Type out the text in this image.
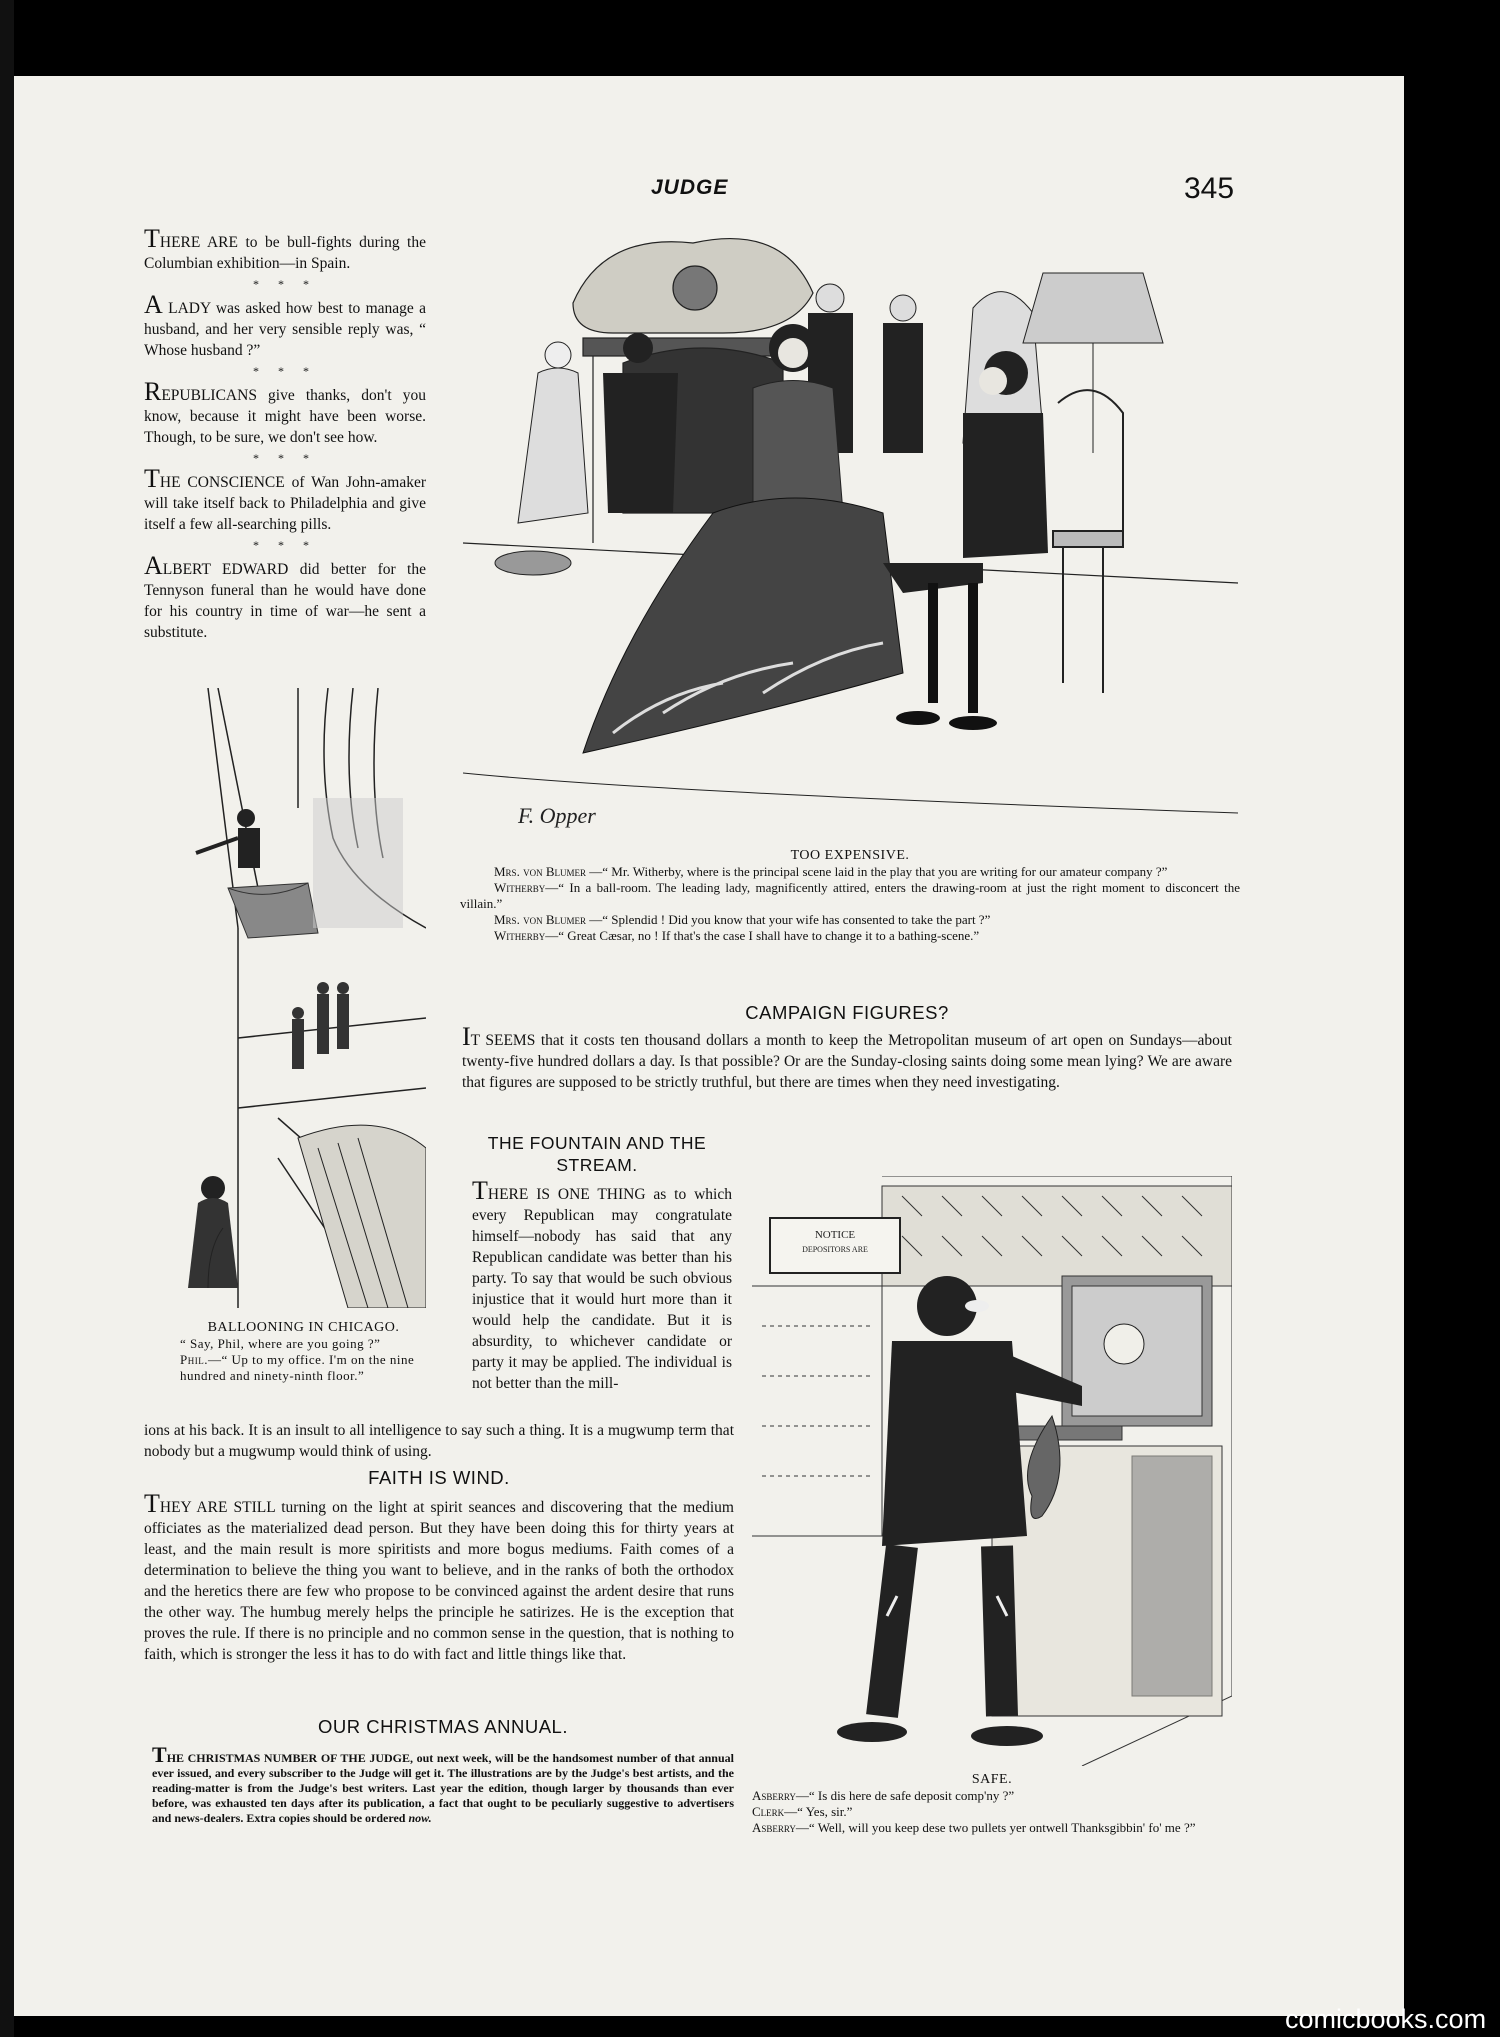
JUDGE	345

THERE ARE to be bull-fights during the Columbian exhibition—in Spain.

* * *

A LADY was asked how best to manage a husband, and her very sensible reply was, “ Whose husband ?”

* * *

REPUBLICANS give thanks, don't you know, because it might have been worse. Though, to be sure, we don't see how.

* * *

THE CONSCIENCE of Wan John-amaker will take itself back to Philadelphia and give itself a few all-searching pills.

* * *

ALBERT EDWARD did better for the Tennyson funeral than he would have done for his country in time of war—he sent a substitute.

BALLOONING IN CHICAGO.
“ Say, Phil, where are you going ?”
Phil.—“ Up to my office. I'm on the nine hundred and ninety-ninth floor.”
F. Opper
TOO EXPENSIVE.
Mrs. von Blumer —“ Mr. Witherby, where is the principal scene laid in the play that you are writing for our amateur company ?”
Witherby—“ In a ball-room. The leading lady, magnificently attired, enters the drawing-room at just the right moment to disconcert the villain.”
Mrs. von Blumer —“ Splendid ! Did you know that your wife has consented to take the part ?”
Witherby—“ Great Cæsar, no ! If that's the case I shall have to change it to a bathing-scene.”
CAMPAIGN FIGURES?

IT SEEMS that it costs ten thousand dollars a month to keep the Metropolitan museum of art open on Sundays—about twenty-five hundred dollars a day. Is that possible? Or are the Sunday-closing saints doing some mean lying? We are aware that figures are supposed to be strictly truthful, but there are times when they need investigating.

THE FOUNTAIN AND THE STREAM.

THERE IS ONE THING as to which every Republican may congratulate himself—nobody has said that any Republican candidate was better than his party. To say that would be such obvious injustice that it would hurt more than it would help the candidate. But it is absurdity, to whichever candidate or party it may be applied. The individual is not better than the mill-

ions at his back. It is an insult to all intelligence to say such a thing. It is a mugwump term that nobody but a mugwump would think of using.

FAITH IS WIND.

THEY ARE STILL turning on the light at spirit seances and discovering that the medium officiates as the materialized dead person. But they have been doing this for thirty years at least, and the main result is more spiritists and more bogus mediums. Faith comes of a determination to believe the thing you want to believe, and in the ranks of both the orthodox and the heretics there are few who propose to be convinced against the ardent desire that runs the other way. The humbug merely helps the principle he satirizes. He is the exception that proves the rule. If there is no principle and no common sense in the question, that is nothing to faith, which is stronger the less it has to do with fact and little things like that.

OUR CHRISTMAS ANNUAL.

THE CHRISTMAS NUMBER OF THE JUDGE, out next week, will be the handsomest number of that annual ever issued, and every subscriber to the Judge will get it. The illustrations are by the Judge's best artists, and the reading-matter is from the Judge's best writers. Last year the edition, though larger by thousands than ever before, was exhausted ten days after its publication, a fact that ought to be peculiarly suggestive to advertisers and news-dealers. Extra copies should be ordered now.

NOTICE
DEPOSITORS ARE
SAFE.
Asberry—“ Is dis here de safe deposit comp'ny ?”
Clerk—“ Yes, sir.”
Asberry—“ Well, will you keep dese two pullets yer ontwell Thanksgibbin' fo' me ?”
comicbooks.com
